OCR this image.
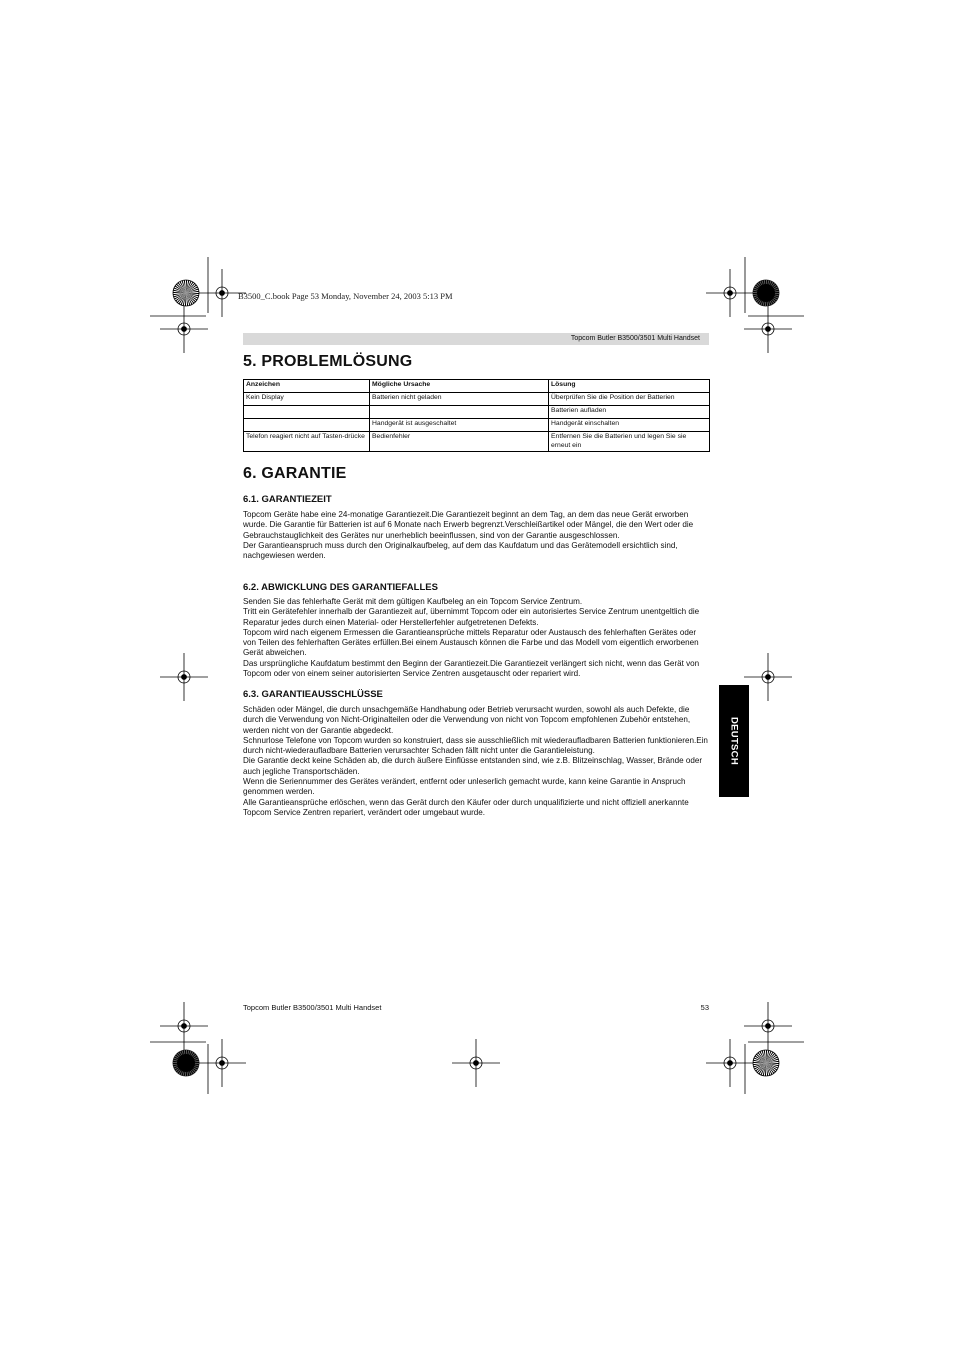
B3500_C.book Page 53 Monday, November 24, 2003 5:13 PM
Topcom Butler B3500/3501 Multi Handset
5. PROBLEMLÖSUNG
Anzeichen	Mögliche Ursache	Lösung
Kein Display	Batterien nicht geladen	Überprüfen Sie die Position der Batterien
		Batterien aufladen
	Handgerät ist ausgeschaltet	Handgerät einschalten
Telefon reagiert nicht auf Tasten-drücke	Bedienfehler	Entfernen Sie die Batterien und legen Sie sie erneut ein
6. GARANTIE
6.1. GARANTIEZEIT

Topcom Geräte habe eine 24-monatige Garantiezeit.Die Garantiezeit beginnt an dem Tag, an dem das neue Gerät erworben wurde. Die Garantie für Batterien ist auf 6 Monate nach Erwerb begrenzt.Verschleißartikel oder Mängel, die den Wert oder die Gebrauchstauglichkeit des Gerätes nur unerheblich beeinflussen, sind von der Garantie ausgeschlossen.

Der Garantieanspruch muss durch den Originalkaufbeleg, auf dem das Kaufdatum und das Gerätemodell ersichtlich sind, nachgewiesen werden.

6.2. ABWICKLUNG DES GARANTIEFALLES

Senden Sie das fehlerhafte Gerät mit dem gültigen Kaufbeleg an ein Topcom Service Zentrum.

Tritt ein Gerätefehler innerhalb der Garantiezeit auf, übernimmt Topcom oder ein autorisiertes Service Zentrum unentgeltlich die Reparatur jedes durch einen Material- oder Herstellerfehler aufgetretenen Defekts.

Topcom wird nach eigenem Ermessen die Garantieansprüche mittels Reparatur oder Austausch des fehlerhaften Gerätes oder von Teilen des fehlerhaften Gerätes erfüllen.Bei einem Austausch können die Farbe und das Modell vom eigentlich erworbenen Gerät abweichen.

Das ursprüngliche Kaufdatum bestimmt den Beginn der Garantiezeit.Die Garantiezeit verlängert sich nicht, wenn das Gerät von Topcom oder von einem seiner autorisierten Service Zentren ausgetauscht oder repariert wird.

6.3. GARANTIEAUSSCHLÜSSE

Schäden oder Mängel, die durch unsachgemäße Handhabung oder Betrieb verursacht wurden, sowohl als auch Defekte, die durch die Verwendung von Nicht-Originalteilen oder die Verwendung von nicht von Topcom empfohlenen Zubehör entstehen, werden nicht von der Garantie abgedeckt.

Schnurlose Telefone von Topcom wurden so konstruiert, dass sie ausschließlich mit wiederaufladbaren Batterien funktionieren.Ein durch nicht-wiederaufladbare Batterien verursachter Schaden fällt nicht unter die Garantieleistung.

Die Garantie deckt keine Schäden ab, die durch äußere Einflüsse entstanden sind, wie z.B. Blitzeinschlag, Wasser, Brände oder auch jegliche Transportschäden.

Wenn die Seriennummer des Gerätes verändert, entfernt oder unleserlich gemacht wurde, kann keine Garantie in Anspruch genommen werden.

Alle Garantieansprüche erlöschen, wenn das Gerät durch den Käufer oder durch unqualifizierte und nicht offiziell anerkannte Topcom Service Zentren repariert, verändert oder umgebaut wurde.

DEUTSCH
Topcom Butler B3500/3501 Multi Handset	53
